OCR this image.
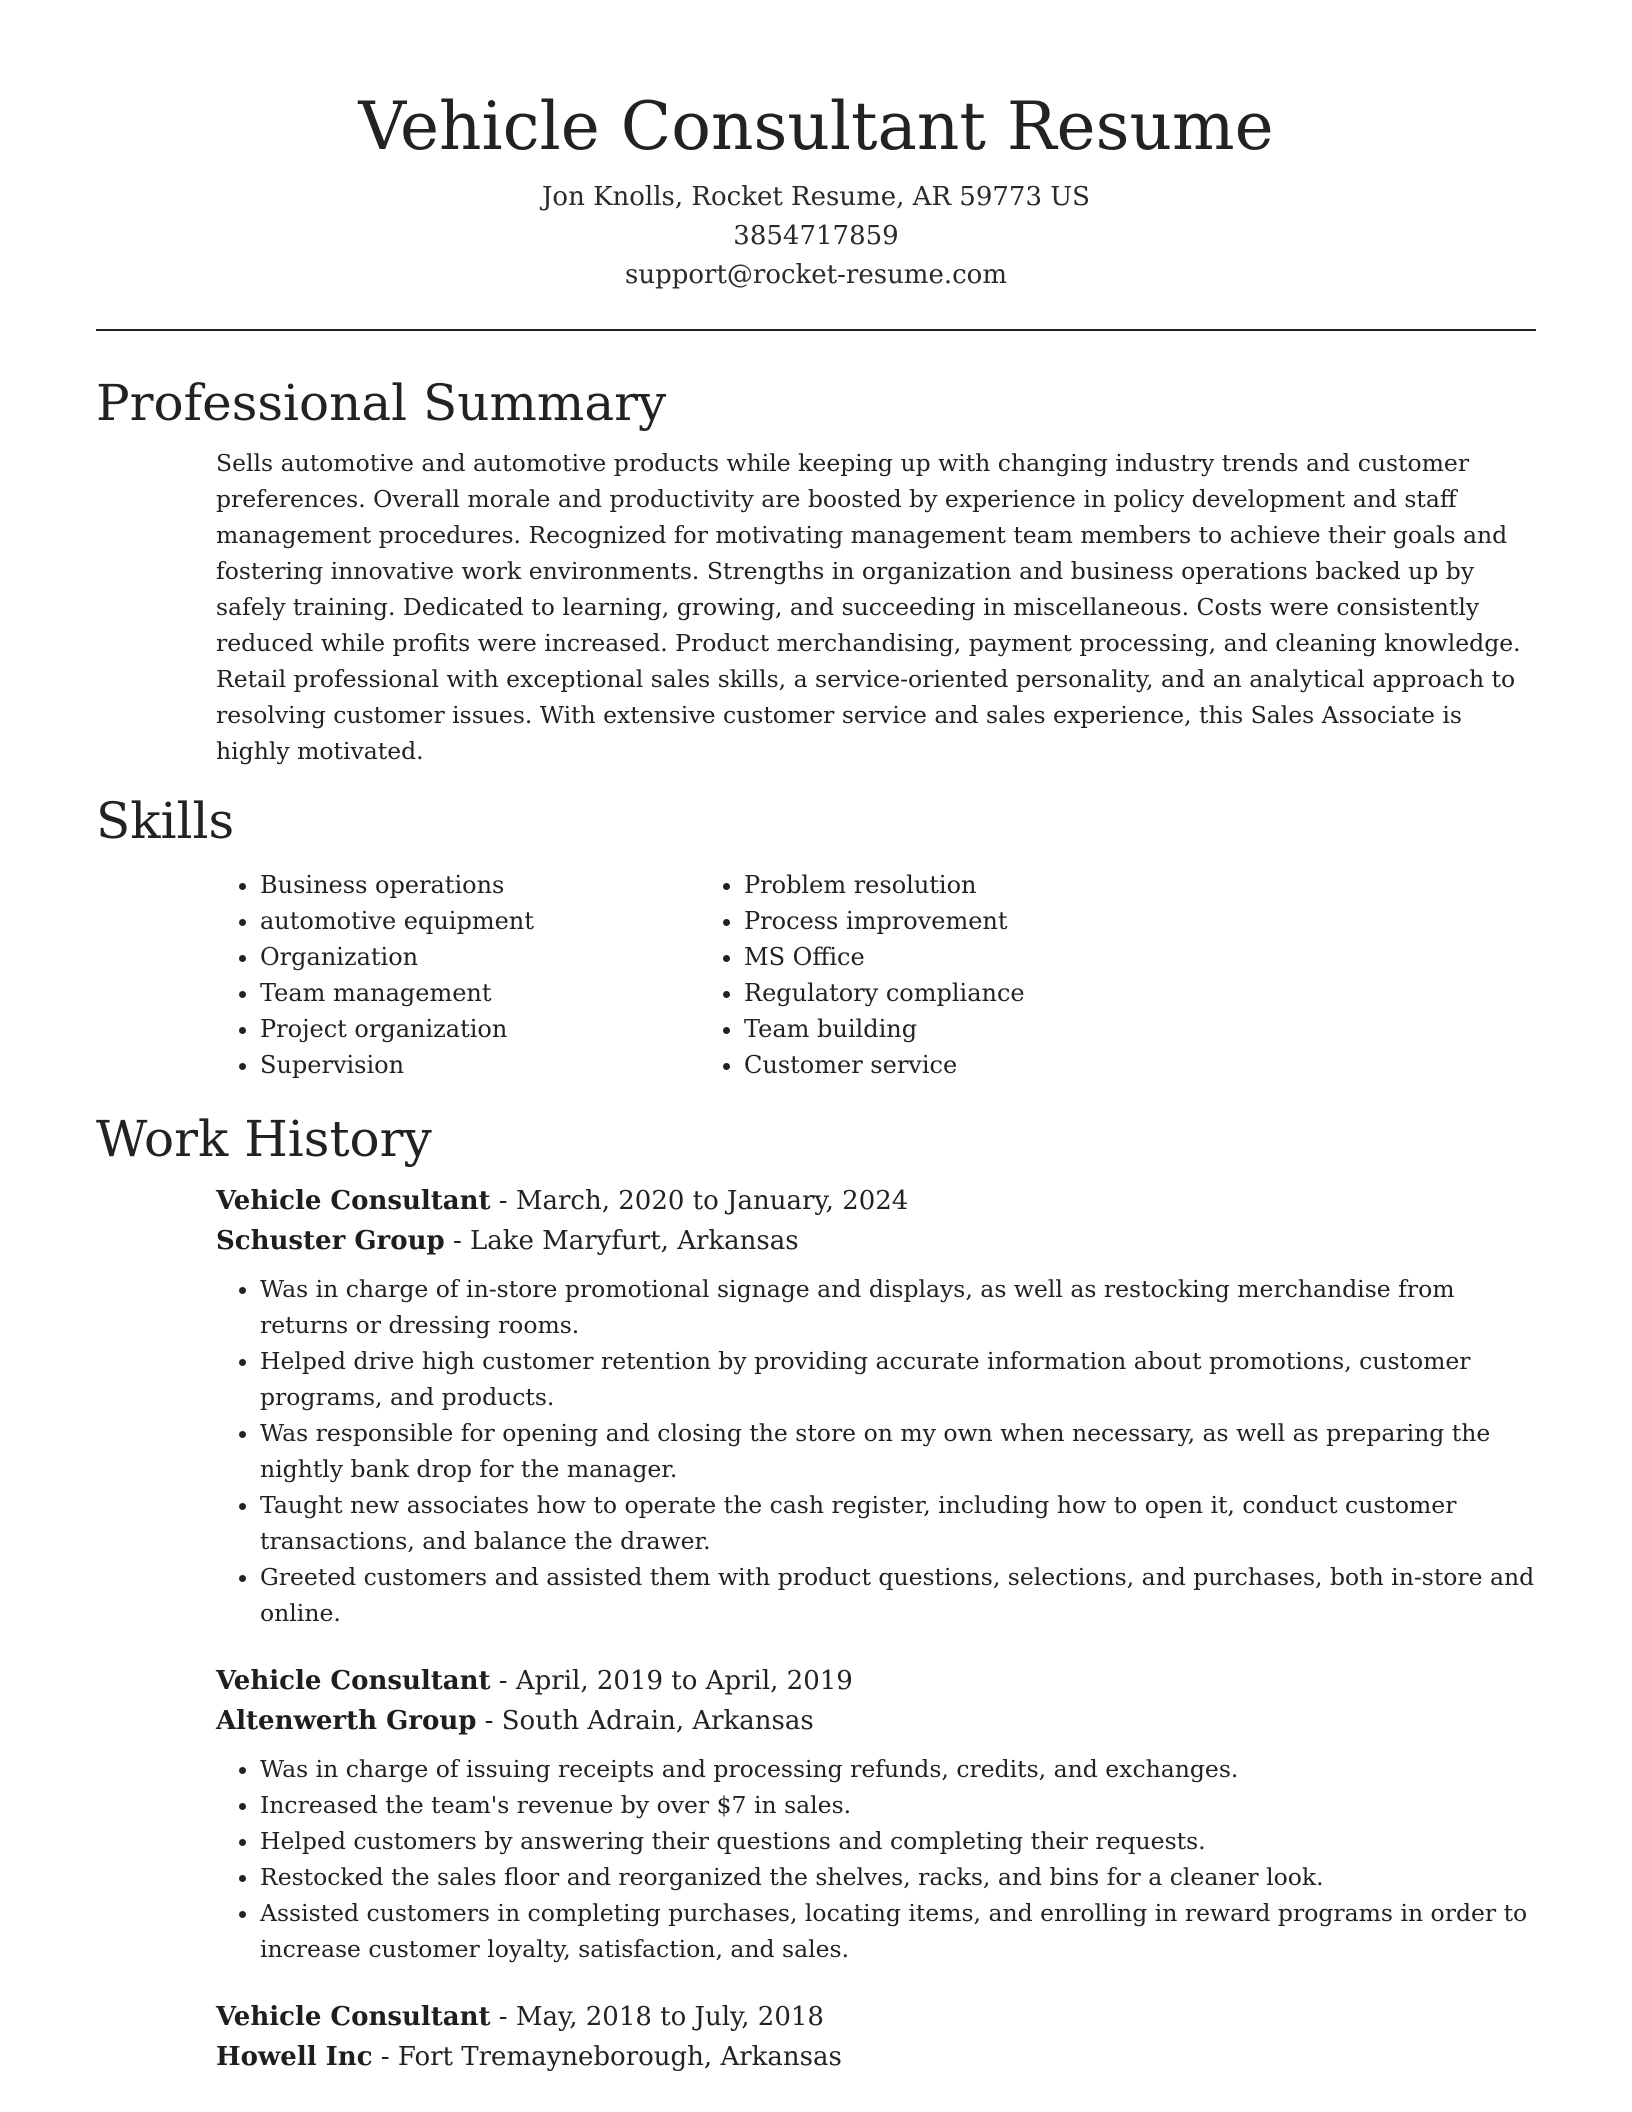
Vehicle Consultant Resume
Jon Knolls, Rocket Resume, AR 59773 US
3854717859
support@rocket-resume.com
Professional Summary
Sells automotive and automotive products while keeping up with changing industry trends and customer preferences. Overall morale and productivity are boosted by experience in policy development and staff management procedures. Recognized for motivating management team members to achieve their goals and fostering innovative work environments. Strengths in organization and business operations backed up by safely training. Dedicated to learning, growing, and succeeding in miscellaneous. Costs were consistently reduced while profits were increased. Product merchandising, payment processing, and cleaning knowledge. Retail professional with exceptional sales skills, a service-oriented personality, and an analytical approach to resolving customer issues. With extensive customer service and sales experience, this Sales Associate is highly motivated.
Skills
• Business operations
• automotive equipment
• Organization
• Team management
• Project organization
• Supervision
• Problem resolution
• Process improvement
• MS Office
• Regulatory compliance
• Team building
• Customer service
Work History
Vehicle Consultant - March, 2020 to January, 2024
Schuster Group - Lake Maryfurt, Arkansas
• Was in charge of in-store promotional signage and displays, as well as restocking merchandise from returns or dressing rooms.
• Helped drive high customer retention by providing accurate information about promotions, customer programs, and products.
• Was responsible for opening and closing the store on my own when necessary, as well as preparing the nightly bank drop for the manager.
• Taught new associates how to operate the cash register, including how to open it, conduct customer transactions, and balance the drawer.
• Greeted customers and assisted them with product questions, selections, and purchases, both in-store and online.
Vehicle Consultant - April, 2019 to April, 2019
Altenwerth Group - South Adrain, Arkansas
• Was in charge of issuing receipts and processing refunds, credits, and exchanges.
• Increased the team's revenue by over $7 in sales.
• Helped customers by answering their questions and completing their requests.
• Restocked the sales floor and reorganized the shelves, racks, and bins for a cleaner look.
• Assisted customers in completing purchases, locating items, and enrolling in reward programs in order to increase customer loyalty, satisfaction, and sales.
Vehicle Consultant - May, 2018 to July, 2018
Howell Inc - Fort Tremayneborough, Arkansas
